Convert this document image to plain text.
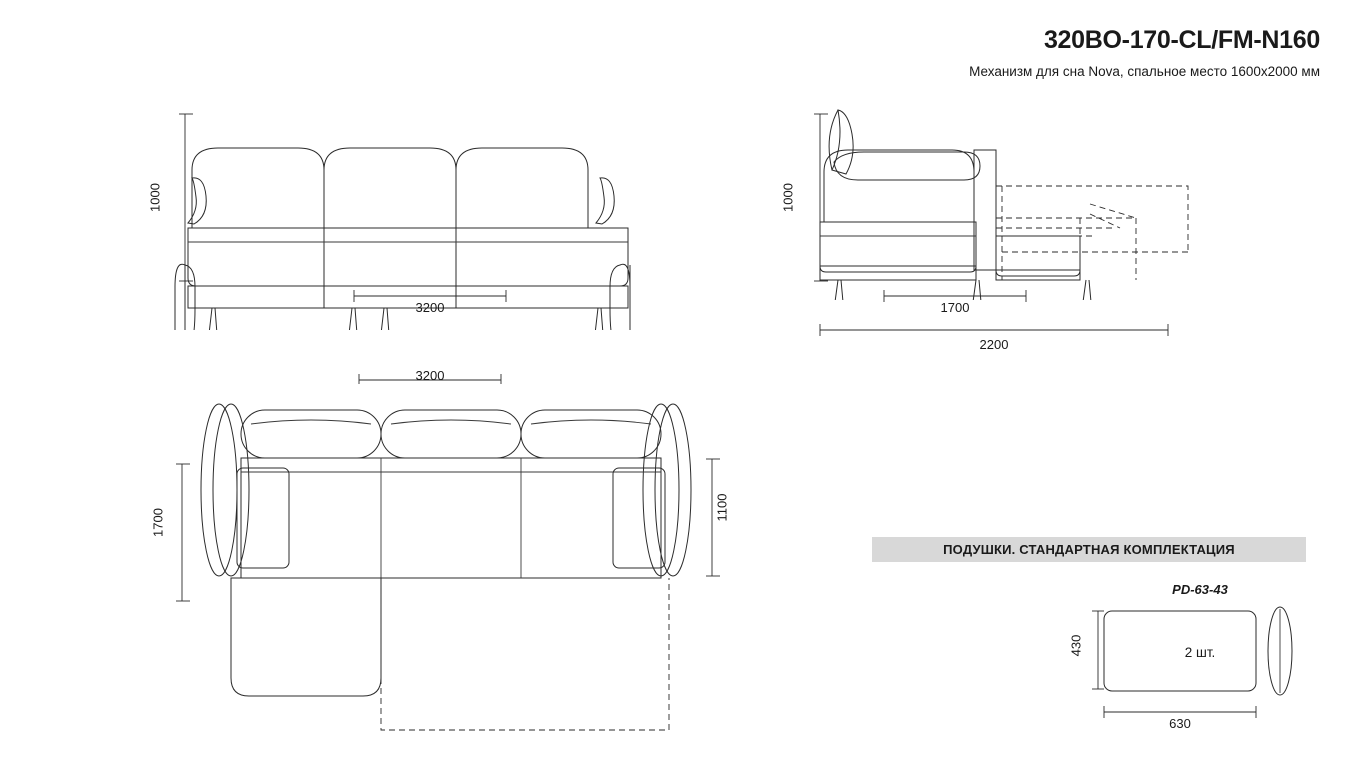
320BO-170-CL/FM-N160
Механизм для сна Nova, спальное место 1600x2000 мм
1000
3200
1000
1700
2200
3200
1700
1100
ПОДУШКИ. СТАНДАРТНАЯ КОМПЛЕКТАЦИЯ
PD-63-43
2 шт.
430
630
